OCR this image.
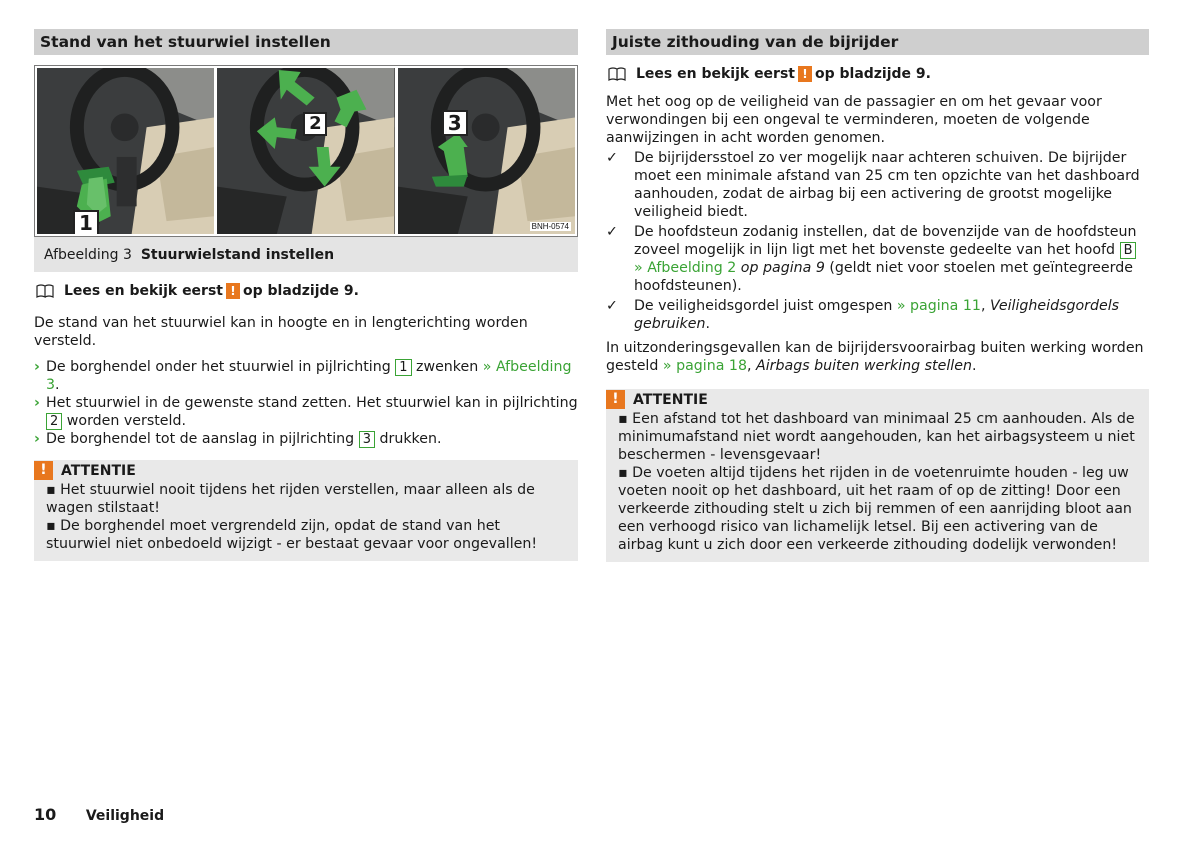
Stand van het stuurwiel instellen
1
2	3
BNH-0574
Afbeelding 3 Stuurwielstand instellen
Lees en bekijk eerst ! op bladzijde 9.

De stand van het stuurwiel kan in hoogte en in lengterichting worden versteld.

› De borghendel onder het stuurwiel in pijlrichting 1 zwenken » Afbeelding 3.
› Het stuurwiel in de gewenste stand zetten. Het stuurwiel kan in pijlrichting 2 worden versteld.
› De borghendel tot de aanslag in pijlrichting 3 drukken.
!	ATTENTIE
▪ Het stuurwiel nooit tijdens het rijden verstellen, maar alleen als de wagen stilstaat!
▪ De borghendel moet vergrendeld zijn, opdat de stand van het stuurwiel niet onbedoeld wijzigt - er bestaat gevaar voor ongevallen!
Juiste zithouding van de bijrijder
Lees en bekijk eerst ! op bladzijde 9.

Met het oog op de veiligheid van de passagier en om het gevaar voor verwondingen bij een ongeval te verminderen, moeten de volgende aanwijzingen in acht worden genomen.

✓ De bijrijdersstoel zo ver mogelijk naar achteren schuiven. De bijrijder moet een minimale afstand van 25 cm ten opzichte van het dashboard aanhouden, zodat de airbag bij een activering de grootst mogelijke veiligheid biedt.
✓ De hoofdsteun zodanig instellen, dat de bovenzijde van de hoofdsteun zoveel mogelijk in lijn ligt met het bovenste gedeelte van het hoofd B » Afbeelding 2 op pagina 9 (geldt niet voor stoelen met geïntegreerde hoofdsteunen).
✓ De veiligheidsgordel juist omgespen » pagina 11, Veiligheidsgordels gebruiken.

In uitzonderingsgevallen kan de bijrijdersvoorairbag buiten werking worden gesteld » pagina 18, Airbags buiten werking stellen.

!	ATTENTIE
▪ Een afstand tot het dashboard van minimaal 25 cm aanhouden. Als de minimumafstand niet wordt aangehouden, kan het airbagsysteem u niet beschermen - levensgevaar!
▪ De voeten altijd tijdens het rijden in de voetenruimte houden - leg uw voeten nooit op het dashboard, uit het raam of op de zitting! Door een verkeerde zithouding stelt u zich bij remmen of een aanrijding bloot aan een verhoogd risico van lichamelijk letsel. Bij een activering van de airbag kunt u zich door een verkeerde zithouding dodelijk verwonden!
10 Veiligheid
